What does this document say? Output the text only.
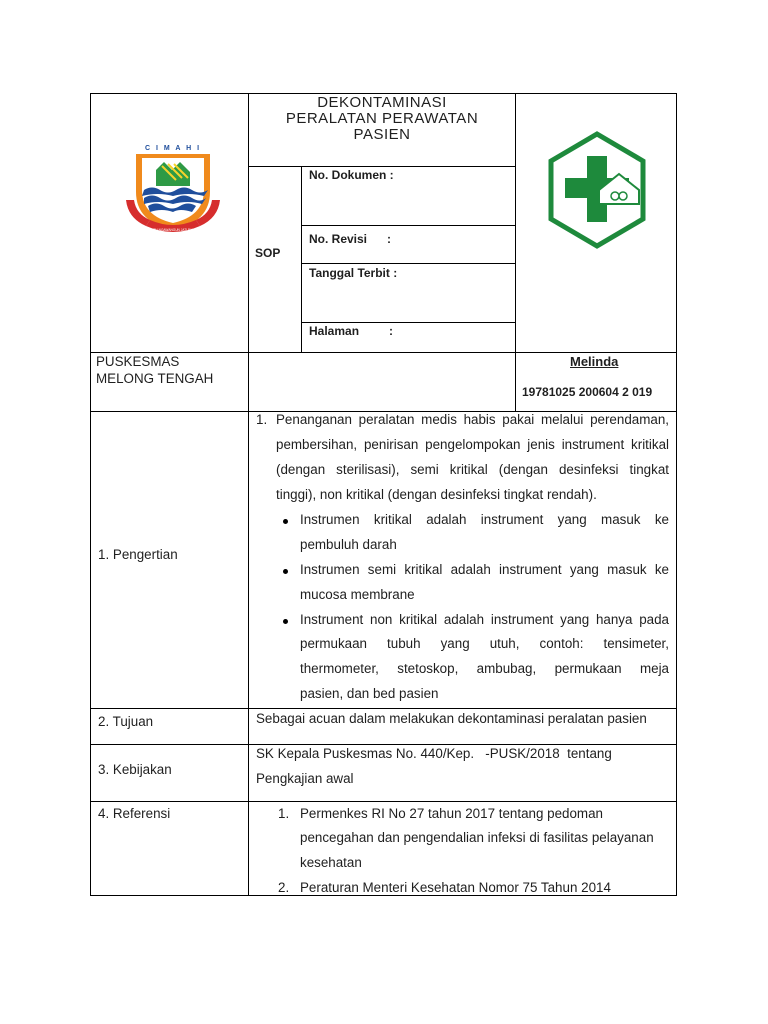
C I M A H I
BALUTU NGAWANGUN JATI PAKUAN
DEKONTAMINASI
PERALATAN PERAWATAN
PASIEN
SOP
No. Dokumen :
No. Revisi      :
Tanggal Terbit :
Halaman         :
PUSKESMAS
MELONG TENGAH
Melinda
19781025 200604 2 019
1. Pengertian
2. Tujuan
3. Kebijakan
4. Referensi
1. Penanganan peralatan medis habis pakai melalui perendaman,
pembersihan, penirisan pengelompokan jenis instrument kritikal
(dengan sterilisasi), semi kritikal (dengan desinfeksi tingkat
tinggi), non kritikal (dengan desinfeksi tingkat rendah).
Instrumen kritikal adalah instrument yang masuk ke
pembuluh darah
Instrumen semi kritikal adalah instrument yang masuk ke
mucosa membrane
Instrument non kritikal adalah instrument yang hanya pada
permukaan tubuh yang utuh, contoh: tensimeter,
thermometer, stetoskop, ambubag, permukaan meja
pasien, dan bed pasien
Sebagai acuan dalam melakukan dekontaminasi peralatan pasien
SK Kepala Puskesmas No. 440/Kep.   -PUSK/2018  tentang
Pengkajian awal
1. Permenkes RI No 27 tahun 2017 tentang pedoman
pencegahan dan pengendalian infeksi di fasilitas pelayanan
kesehatan
2. Peraturan Menteri Kesehatan Nomor 75 Tahun 2014
